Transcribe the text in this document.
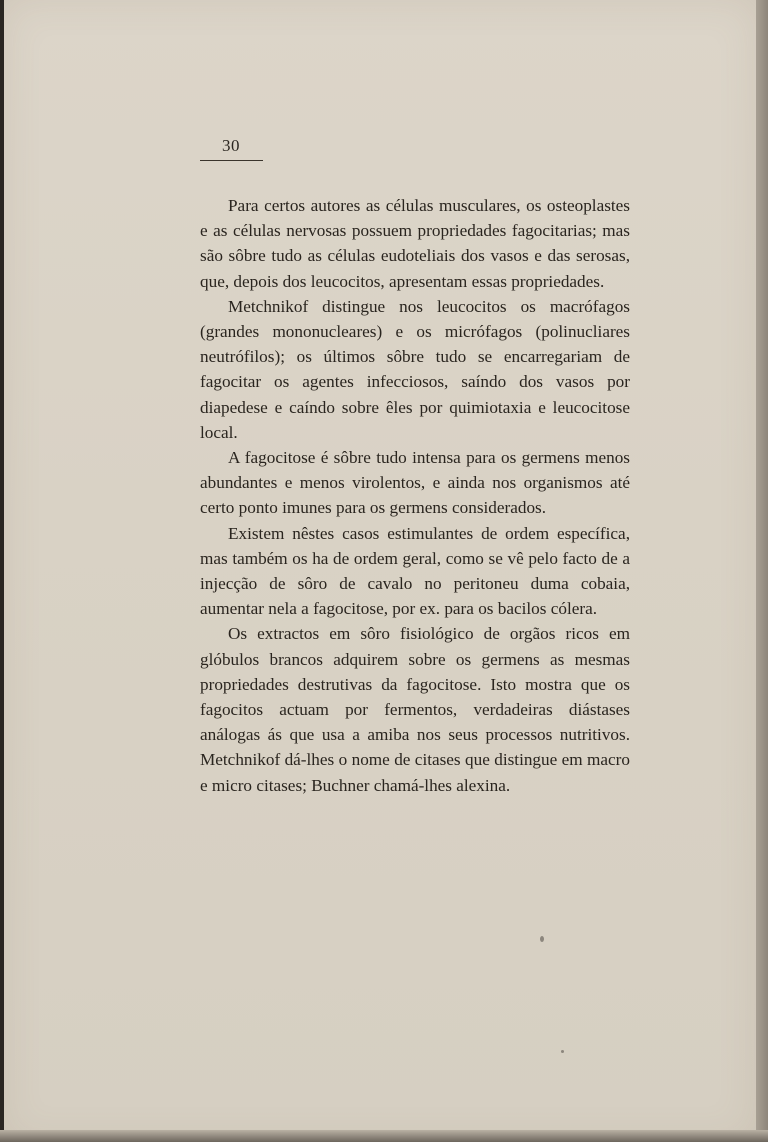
30

Para certos autores as células musculares, os osteoplastes e as células nervosas possuem propriedades fagocitarias; mas são sôbre tudo as células eudoteliais dos vasos e das serosas, que, depois dos leucocitos, apresentam essas propriedades.

Metchnikof distingue nos leucocitos os macrófagos (grandes mononucleares) e os micrófagos (polinucliares neutrófilos); os últimos sôbre tudo se encarregariam de fagocitar os agentes infecciosos, saíndo dos vasos por diapedese e caíndo sobre êles por quimiotaxia e leucocitose local.

A fagocitose é sôbre tudo intensa para os germens menos abundantes e menos virolentos, e ainda nos organismos até certo ponto imunes para os germens considerados.

Existem nêstes casos estimulantes de ordem específica, mas também os ha de ordem geral, como se vê pelo facto de a injecção de sôro de cavalo no peritoneu duma cobaia, aumentar nela a fagocitose, por ex. para os bacilos cólera.

Os extractos em sôro fisiológico de orgãos ricos em glóbulos brancos adquirem sobre os germens as mesmas propriedades destrutivas da fagocitose. Isto mostra que os fagocitos actuam por fermentos, verdadeiras diástases análogas ás que usa a amiba nos seus processos nutritivos. Metchnikof dá-lhes o nome de citases que distingue em macro e micro citases; Buchner chamá-lhes alexina.
